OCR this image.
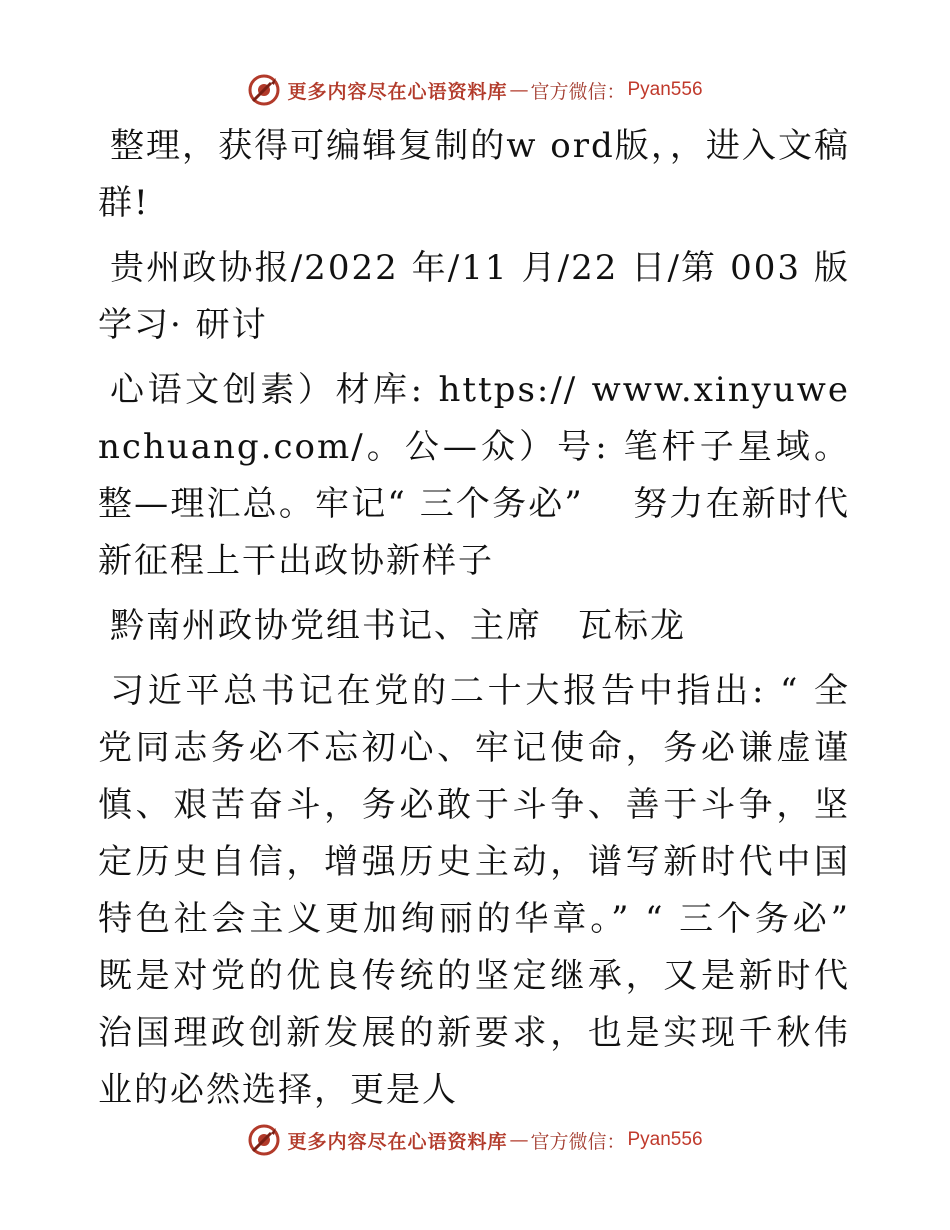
更多内容尽在心语资料库 — 官方微信： Pyan556

整理，获得可编辑复制的w ord版，，进入文稿群!

贵州政协报/2022 年/11 月/22 日/第 003 版学习· 研讨

心语文创素）材库: https:// www.xinyuwenchuang.com/。公—众）号: 笔杆子星域。整—理汇总。牢记“ 三个务必”　 努力在新时代新征程上干出政协新样子

黔南州政协党组书记、主席　瓦标龙

习近平总书记在党的二十大报告中指出: “ 全党同志务必不忘初心、牢记使命，务必谦虚谨慎、艰苦奋斗，务必敢于斗争、善于斗争，坚定历史自信，增强历史主动，谱写新时代中国特色社会主义更加绚丽的华章。” “ 三个务必” 既是对党的优良传统的坚定继承，又是新时代治国理政创新发展的新要求，也是实现千秋伟业的必然选择，更是人

更多内容尽在心语资料库 — 官方微信： Pyan556
